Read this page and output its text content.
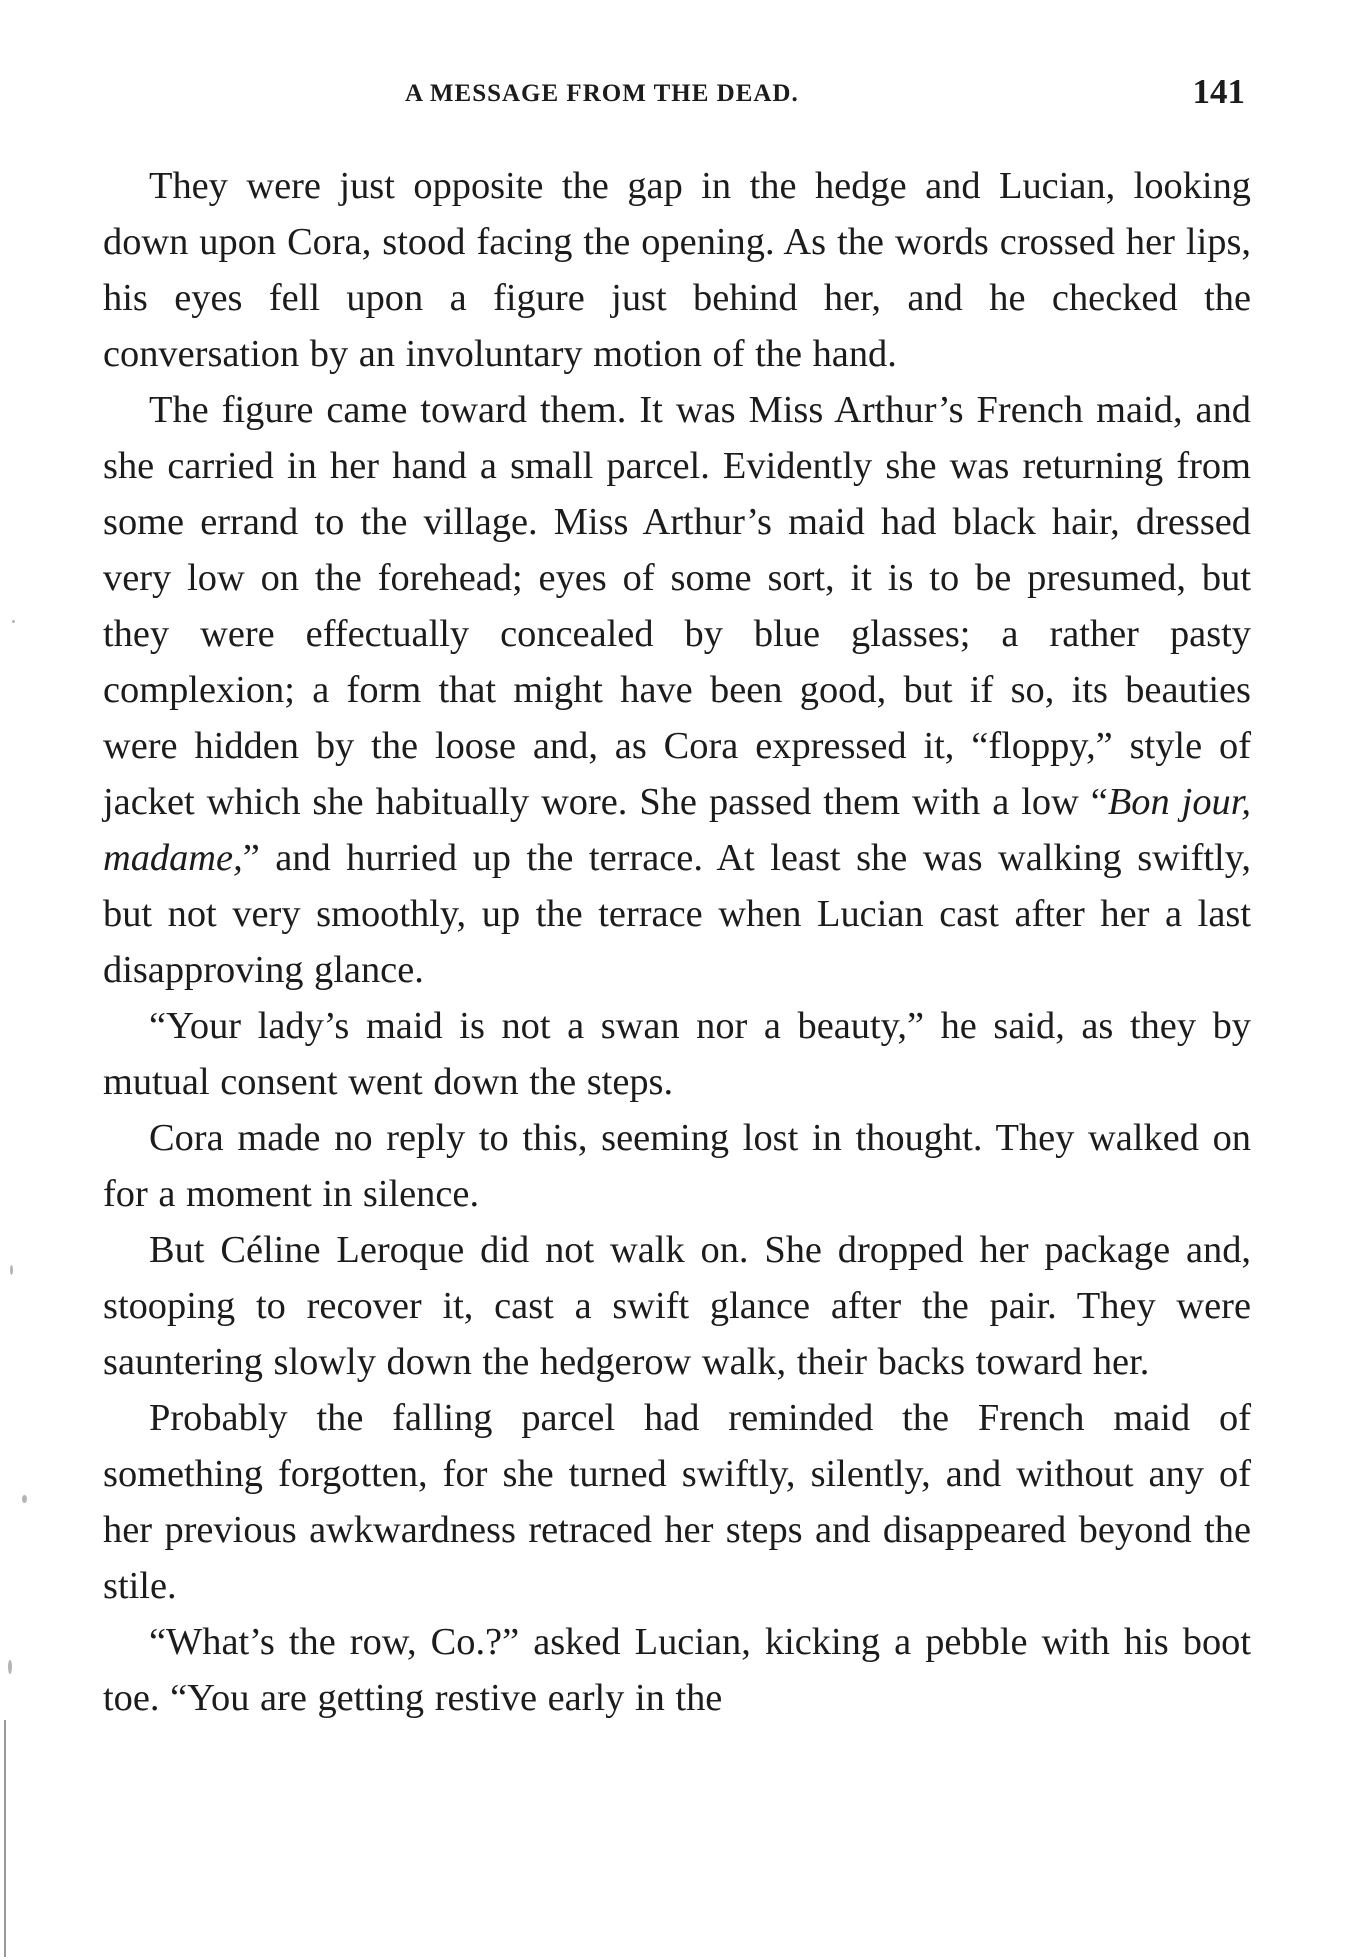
A MESSAGE FROM THE DEAD.	141

They were just opposite the gap in the hedge and Lucian, looking down upon Cora, stood facing the opening. As the words crossed her lips, his eyes fell upon a figure just behind her, and he checked the conversation by an involuntary motion of the hand.

The figure came toward them. It was Miss Arthur’s French maid, and she carried in her hand a small parcel. Evidently she was returning from some errand to the village. Miss Arthur’s maid had black hair, dressed very low on the forehead; eyes of some sort, it is to be presumed, but they were effectually concealed by blue glasses; a rather pasty complexion; a form that might have been good, but if so, its beauties were hidden by the loose and, as Cora expressed it, “floppy,” style of jacket which she habitually wore. She passed them with a low “Bon jour, madame,” and hurried up the terrace. At least she was walking swiftly, but not very smoothly, up the terrace when Lucian cast after her a last disapproving glance.

“Your lady’s maid is not a swan nor a beauty,” he said, as they by mutual consent went down the steps.

Cora made no reply to this, seeming lost in thought. They walked on for a moment in silence.

But Céline Leroque did not walk on. She dropped her package and, stooping to recover it, cast a swift glance after the pair. They were sauntering slowly down the hedgerow walk, their backs toward her.

Probably the falling parcel had reminded the French maid of something forgotten, for she turned swiftly, silently, and without any of her previous awkwardness retraced her steps and disappeared beyond the stile.

“What’s the row, Co.?” asked Lucian, kicking a pebble with his boot toe. “You are getting restive early in the
